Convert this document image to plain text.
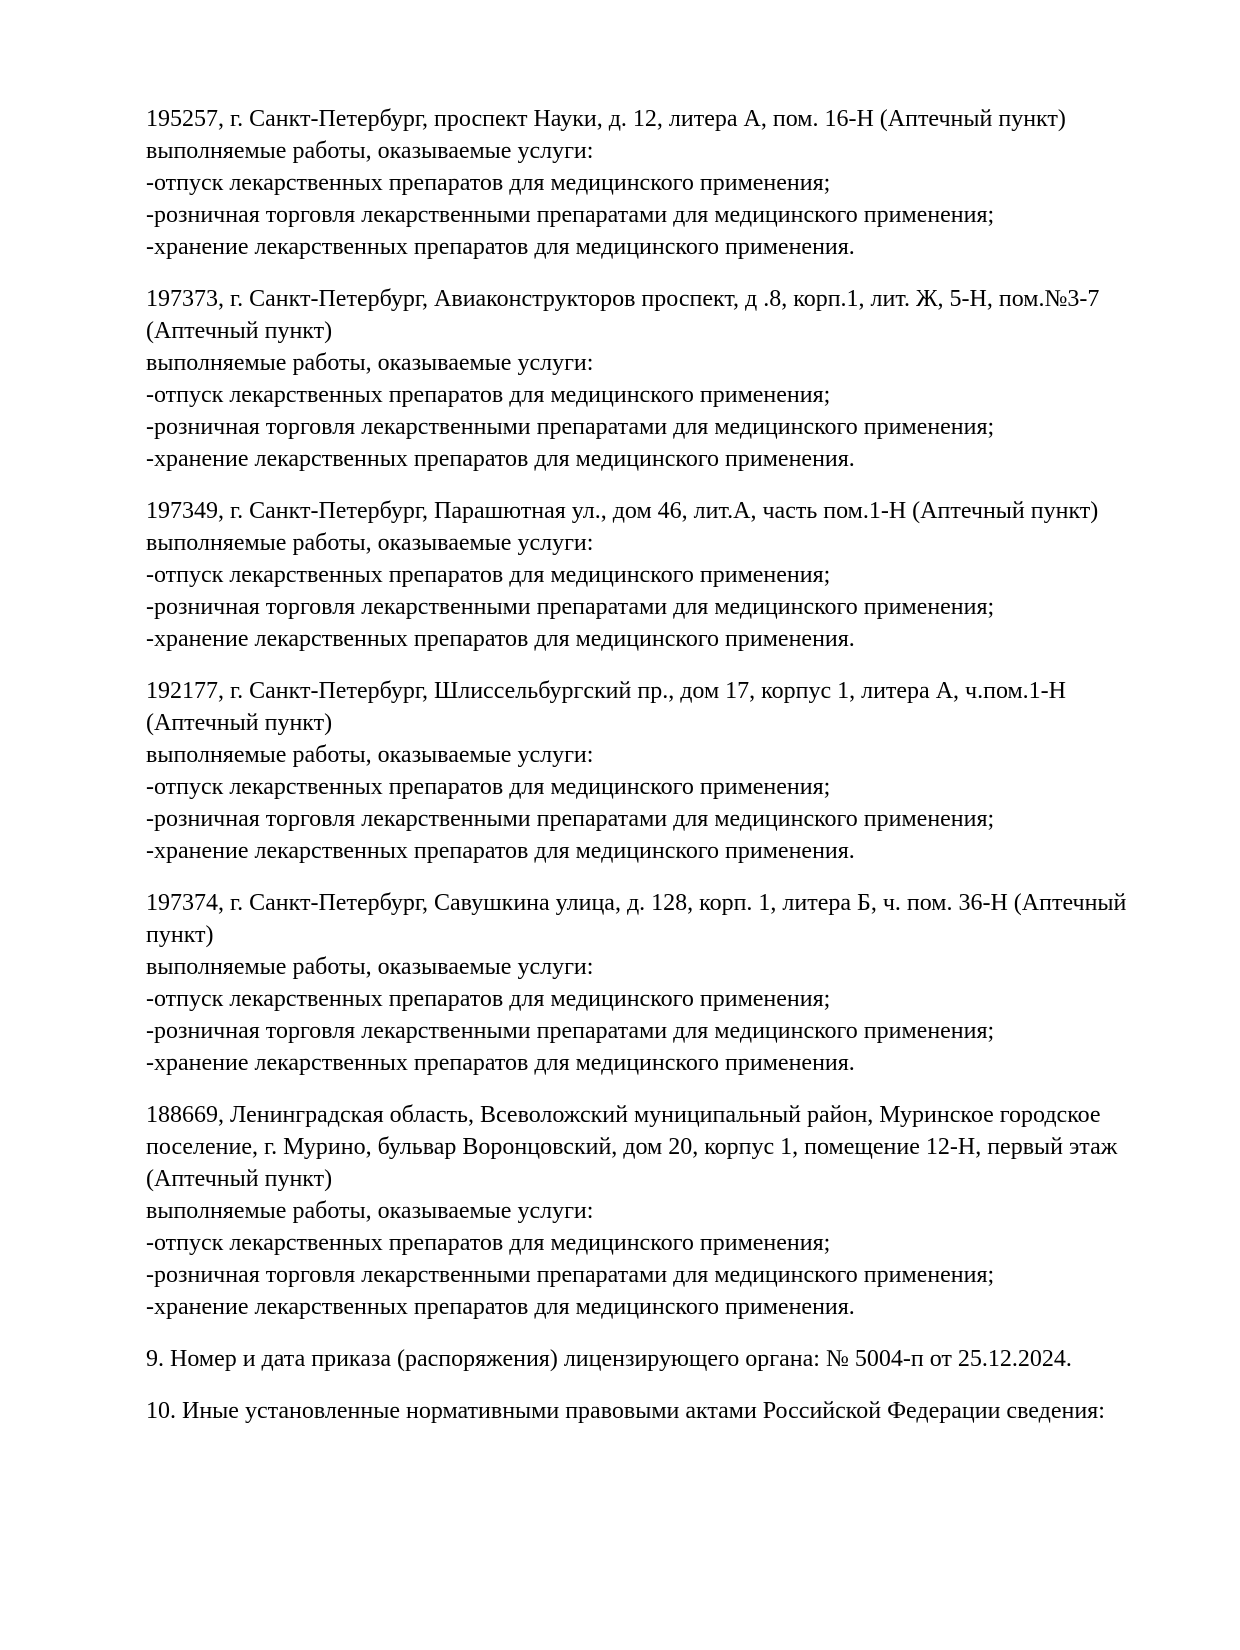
195257, г. Санкт-Петербург, проспект Науки, д. 12, литера А, пом. 16-Н (Аптечный пункт)
выполняемые работы, оказываемые услуги:
-отпуск лекарственных препаратов для медицинского применения;
-розничная торговля лекарственными препаратами для медицинского применения;
-хранение лекарственных препаратов для медицинского применения.
197373, г. Санкт-Петербург, Авиаконструкторов проспект, д .8, корп.1, лит. Ж, 5-Н, пом.№3-7
(Аптечный пункт)
выполняемые работы, оказываемые услуги:
-отпуск лекарственных препаратов для медицинского применения;
-розничная торговля лекарственными препаратами для медицинского применения;
-хранение лекарственных препаратов для медицинского применения.
197349, г. Санкт-Петербург, Парашютная ул., дом 46, лит.А, часть пом.1-Н (Аптечный пункт)
выполняемые работы, оказываемые услуги:
-отпуск лекарственных препаратов для медицинского применения;
-розничная торговля лекарственными препаратами для медицинского применения;
-хранение лекарственных препаратов для медицинского применения.
192177, г. Санкт-Петербург, Шлиссельбургский пр., дом 17, корпус 1, литера А, ч.пом.1-Н
(Аптечный пункт)
выполняемые работы, оказываемые услуги:
-отпуск лекарственных препаратов для медицинского применения;
-розничная торговля лекарственными препаратами для медицинского применения;
-хранение лекарственных препаратов для медицинского применения.
197374, г. Санкт-Петербург, Савушкина улица, д. 128, корп. 1, литера Б, ч. пом. 36-Н (Аптечный
пункт)
выполняемые работы, оказываемые услуги:
-отпуск лекарственных препаратов для медицинского применения;
-розничная торговля лекарственными препаратами для медицинского применения;
-хранение лекарственных препаратов для медицинского применения.
188669, Ленинградская область, Всеволожский муниципальный район, Муринское городское
поселение, г. Мурино, бульвар Воронцовский, дом 20, корпус 1, помещение 12-Н, первый этаж
(Аптечный пункт)
выполняемые работы, оказываемые услуги:
-отпуск лекарственных препаратов для медицинского применения;
-розничная торговля лекарственными препаратами для медицинского применения;
-хранение лекарственных препаратов для медицинского применения.
9. Номер и дата приказа (распоряжения) лицензирующего органа: № 5004-п от 25.12.2024.
10. Иные установленные нормативными правовыми актами Российской Федерации сведения:
